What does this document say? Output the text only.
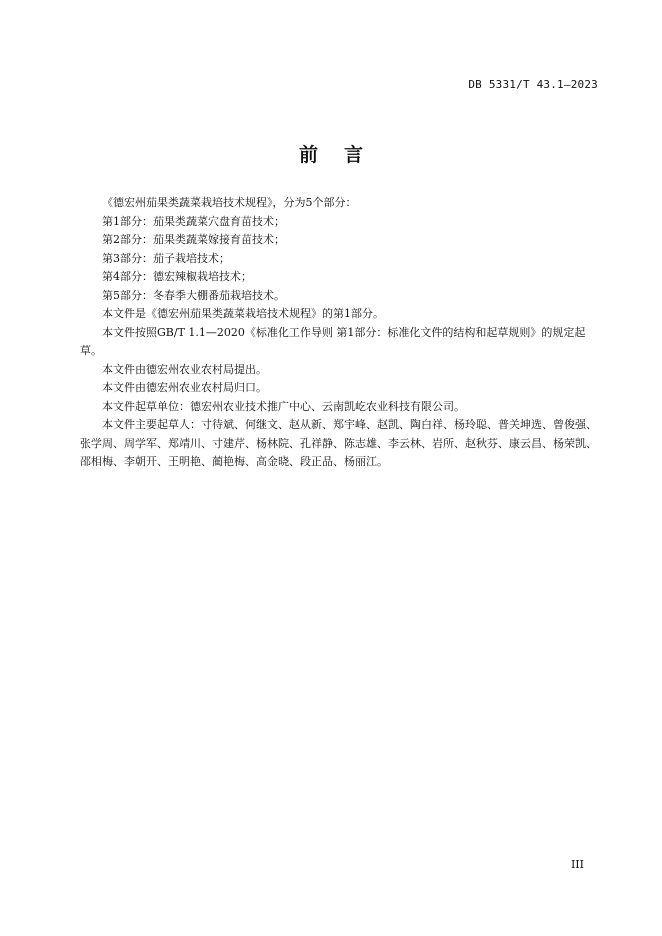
DB 5331/T 43.1—2023
前言

《德宏州茄果类蔬菜栽培技术规程》，分为5个部分：

第1部分：茄果类蔬菜穴盘育苗技术；

第2部分：茄果类蔬菜嫁接育苗技术；

第3部分：茄子栽培技术；

第4部分：德宏辣椒栽培技术；

第5部分：冬春季大棚番茄栽培技术。

本文件是《德宏州茄果类蔬菜栽培技术规程》的第1部分。

本文件按照GB/T 1.1—2020《标准化工作导则 第1部分：标准化文件的结构和起草规则》的规定起草。

本文件由德宏州农业农村局提出。

本文件由德宏州农业农村局归口。

本文件起草单位：德宏州农业技术推广中心、云南凯屹农业科技有限公司。

本文件主要起草人：寸待斌、何继文、赵从新、郑宇峰、赵凯、陶白祥、杨玲聪、普关坤选、曾俊强、张学周、周学军、郑靖川、寸建芹、杨林院、孔祥静、陈志雄、李云林、岩所、赵秋芬、康云昌、杨荣凯、邵相梅、李朝开、王明艳、蔺艳梅、高金晓、段正品、杨丽江。

III
